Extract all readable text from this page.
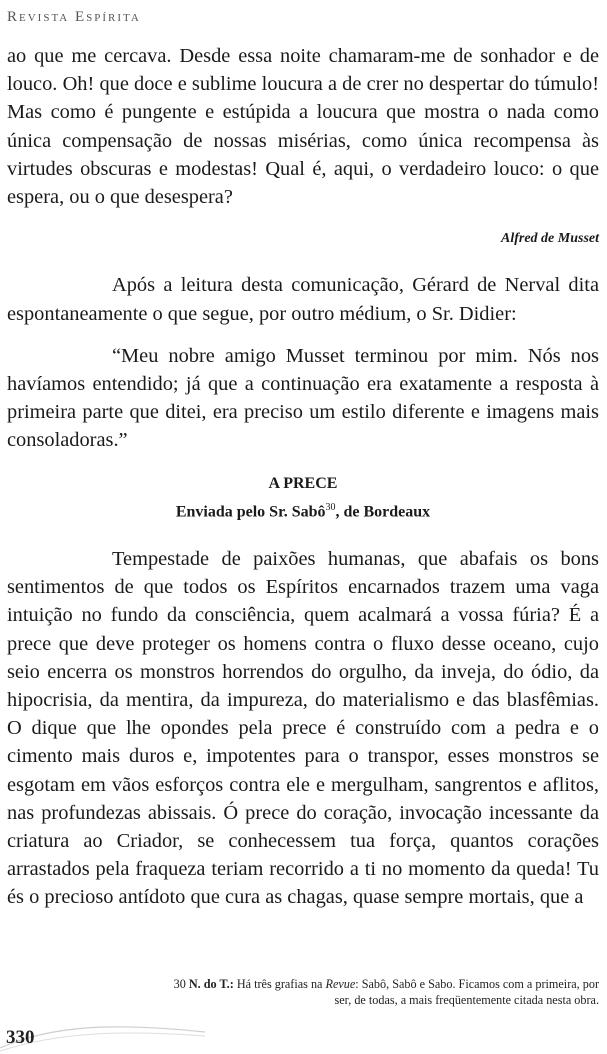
Revista Espírita

ao que me cercava. Desde essa noite chamaram-me de sonhador e de louco. Oh! que doce e sublime loucura a de crer no despertar do túmulo! Mas como é pungente e estúpida a loucura que mostra o nada como única compensação de nossas misérias, como única recompensa às virtudes obscuras e modestas! Qual é, aqui, o verdadeiro louco: o que espera, ou o que desespera?

Alfred de Musset

Após a leitura desta comunicação, Gérard de Nerval dita espontaneamente o que segue, por outro médium, o Sr. Didier:

“Meu nobre amigo Musset terminou por mim. Nós nos havíamos entendido; já que a continuação era exatamente a resposta à primeira parte que ditei, era preciso um estilo diferente e imagens mais consoladoras.”

A PRECE

Enviada pelo Sr. Sabô$^{30}$, de Bordeaux

Tempestade de paixões humanas, que abafais os bons sentimentos de que todos os Espíritos encarnados trazem uma vaga intuição no fundo da consciência, quem acalmará a vossa fúria? É a prece que deve proteger os homens contra o fluxo desse oceano, cujo seio encerra os monstros horrendos do orgulho, da inveja, do ódio, da hipocrisia, da mentira, da impureza, do materialismo e das blasfêmias. O dique que lhe opondes pela prece é construído com a pedra e o cimento mais duros e, impotentes para o transpor, esses monstros se esgotam em vãos esforços contra ele e mergulham, sangrentos e aflitos, nas profundezas abissais. Ó prece do coração, invocação incessante da criatura ao Criador, se conhecessem tua força, quantos corações arrastados pela fraqueza teriam recorrido a ti no momento da queda! Tu és o precioso antídoto que cura as chagas, quase sempre mortais, que a

30 N. do T.: Há três grafias na Revue: Sabô, Sabô e Sabo. Ficamos com a primeira, por ser, de todas, a mais freqüentemente citada nesta obra.
330
